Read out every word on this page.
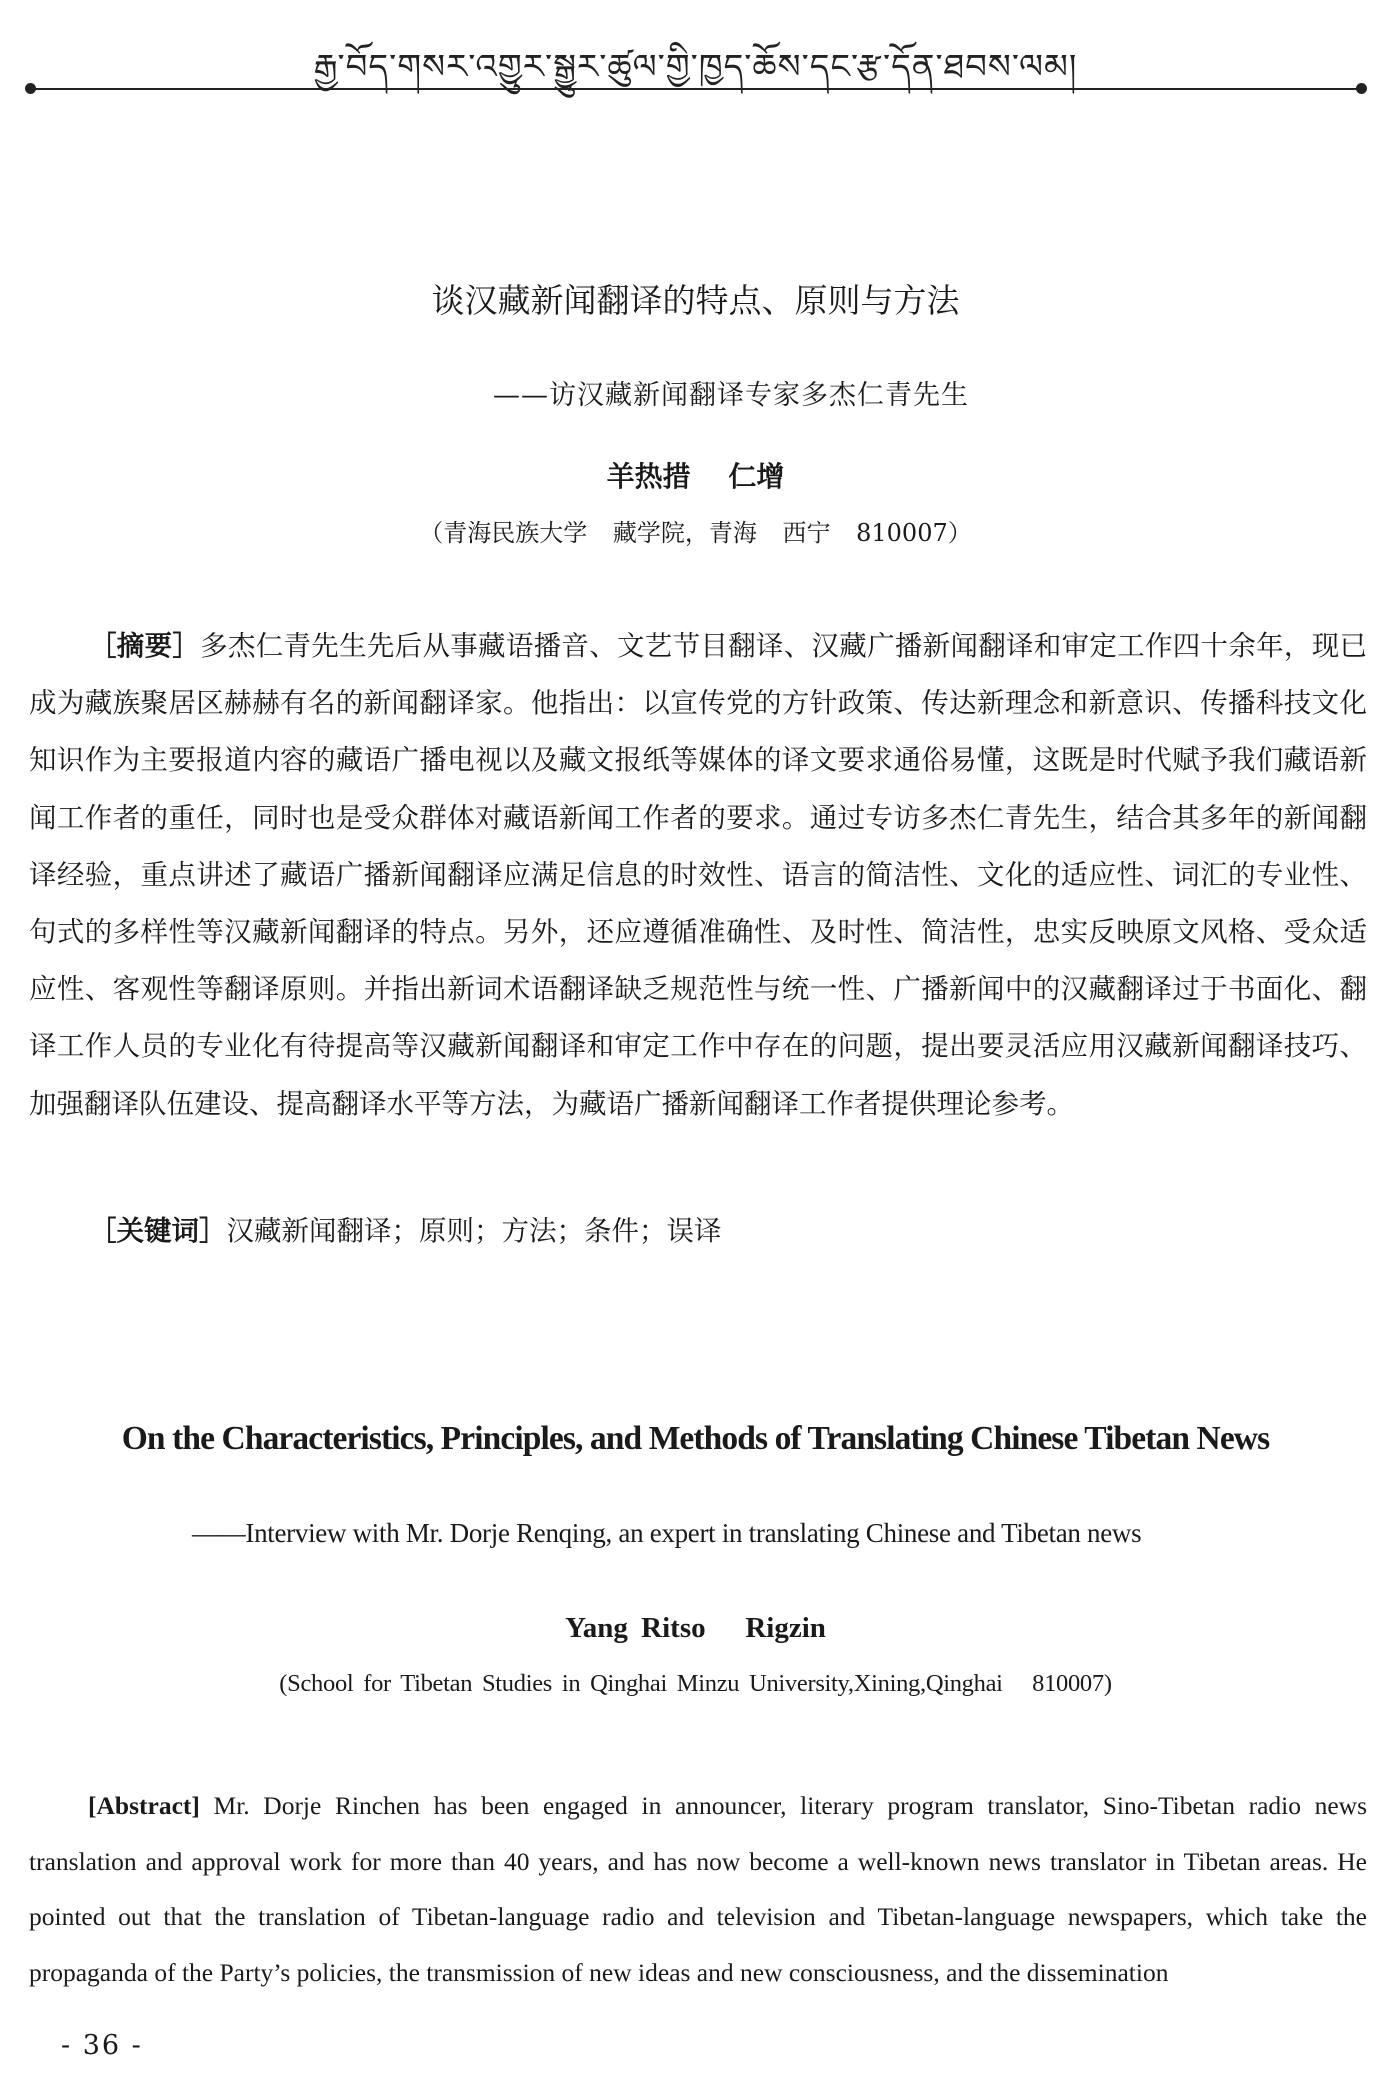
རྒྱ་བོད་གསར་འགྱུར་སྒྱུར་ཚུལ་གྱི་ཁྱད་ཆོས་དང་རྩ་དོན་ཐབས་ལམ།
谈汉藏新闻翻译的特点、原则与方法
——访汉藏新闻翻译专家多杰仁青先生
羊热措 仁增
（青海民族大学 藏学院，青海 西宁 810007）

［摘要］多杰仁青先生先后从事藏语播音、文艺节目翻译、汉藏广播新闻翻译和审定工作四十余年，现已成为藏族聚居区赫赫有名的新闻翻译家。他指出：以宣传党的方针政策、传达新理念和新意识、传播科技文化知识作为主要报道内容的藏语广播电视以及藏文报纸等媒体的译文要求通俗易懂，这既是时代赋予我们藏语新闻工作者的重任，同时也是受众群体对藏语新闻工作者的要求。通过专访多杰仁青先生，结合其多年的新闻翻译经验，重点讲述了藏语广播新闻翻译应满足信息的时效性、语言的简洁性、文化的适应性、词汇的专业性、句式的多样性等汉藏新闻翻译的特点。另外，还应遵循准确性、及时性、简洁性，忠实反映原文风格、受众适应性、客观性等翻译原则。并指出新词术语翻译缺乏规范性与统一性、广播新闻中的汉藏翻译过于书面化、翻译工作人员的专业化有待提高等汉藏新闻翻译和审定工作中存在的问题，提出要灵活应用汉藏新闻翻译技巧、加强翻译队伍建设、提高翻译水平等方法，为藏语广播新闻翻译工作者提供理论参考。

［关键词］汉藏新闻翻译；原则；方法；条件；误译
On the Characteristics, Principles, and Methods of Translating Chinese Tibetan News
——Interview with Mr. Dorje Renqing, an expert in translating Chinese and Tibetan news
Yang Ritso   Rigzin
(School for Tibetan Studies in Qinghai Minzu University,Xining,Qinghai   810007)

[Abstract] Mr. Dorje Rinchen has been engaged in announcer, literary program translator, Sino-Tibetan radio news translation and approval work for more than 40 years, and has now become a well-known news translator in Tibetan areas. He pointed out that the translation of Tibetan-language radio and television and Tibetan-language newspapers, which take the propaganda of the Party’s policies, the transmission of new ideas and new consciousness, and the dissemination

- 36 -
